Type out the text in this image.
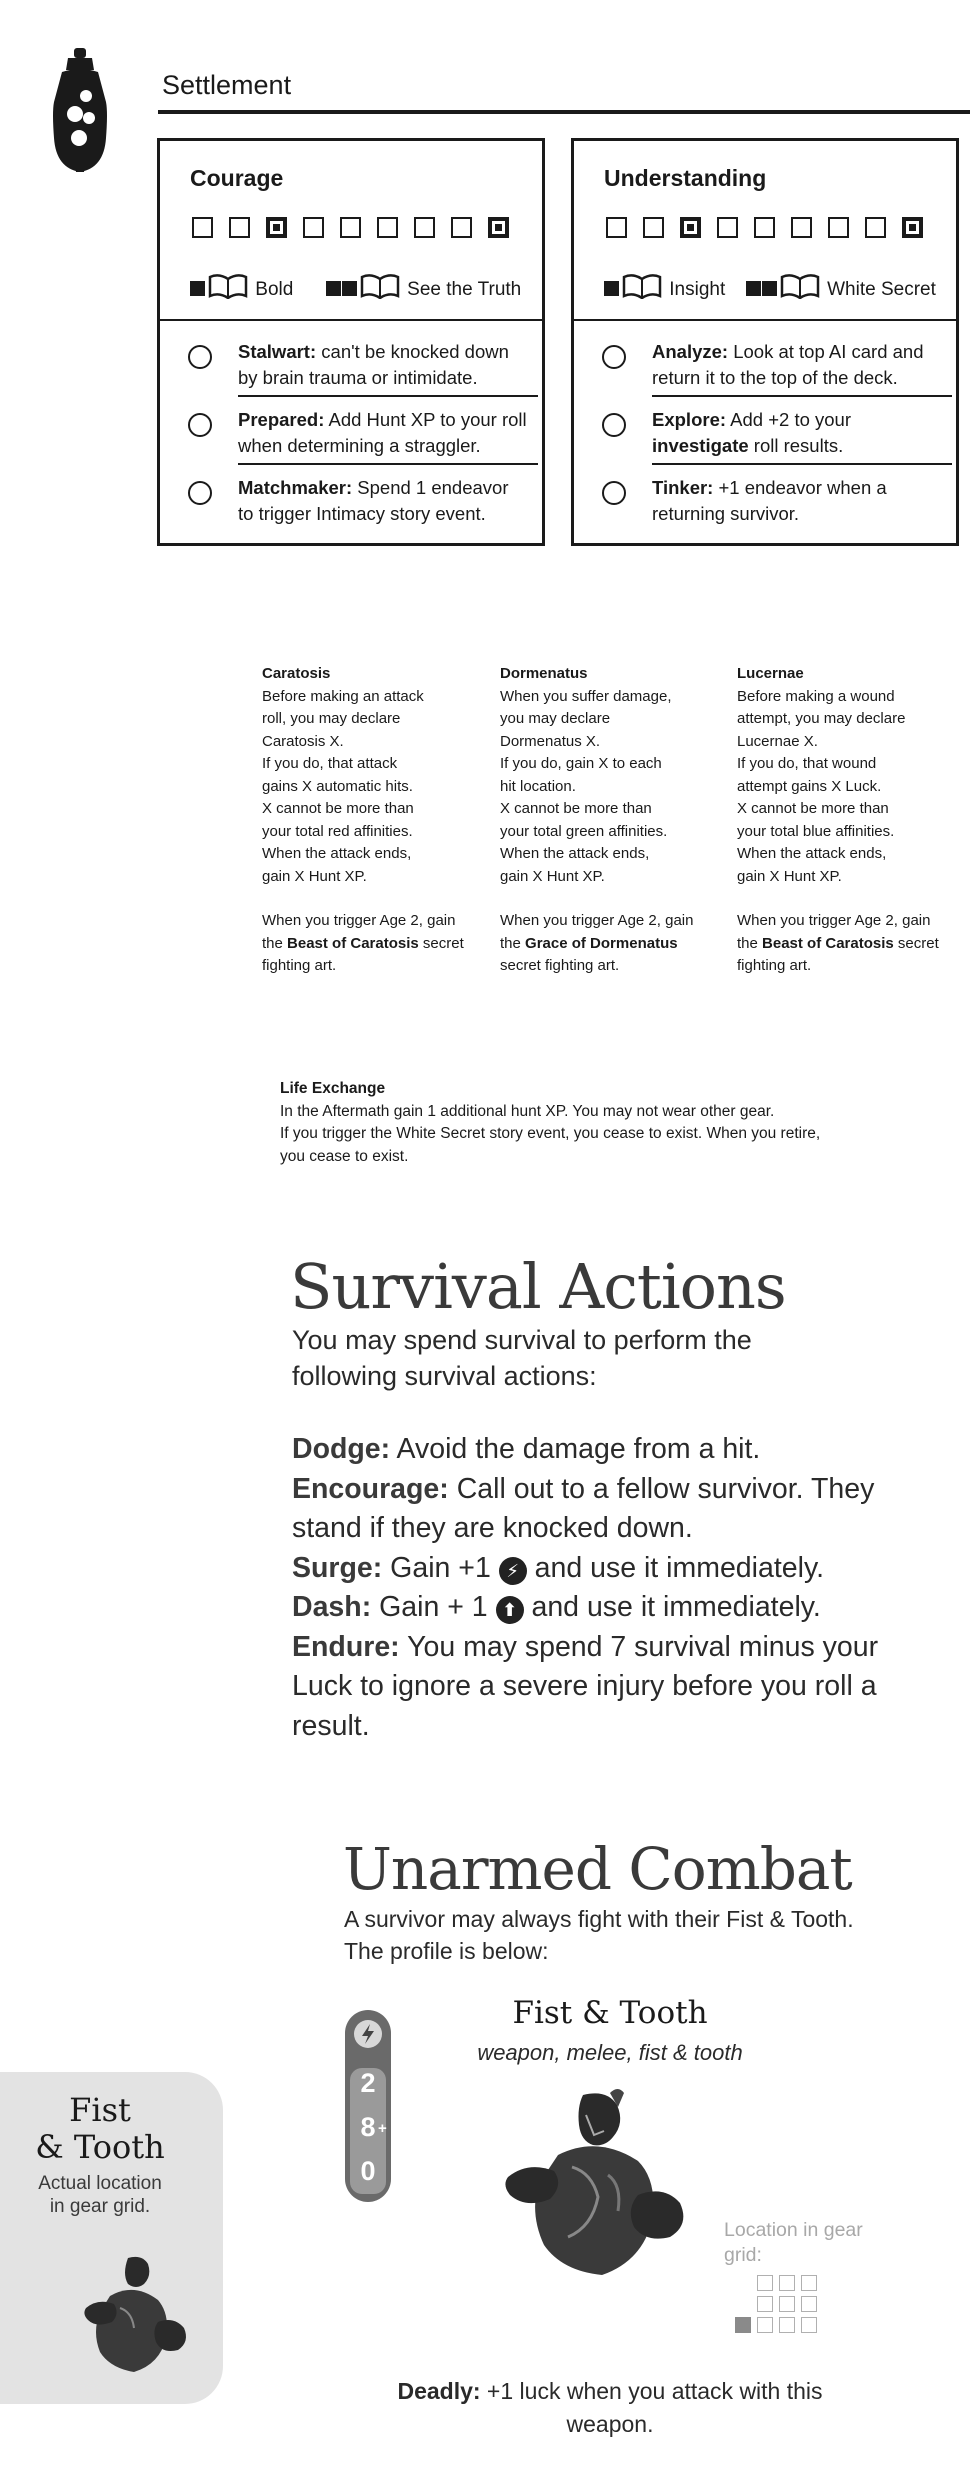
Settlement
Courage
Bold	See the Truth
Stalwart: can't be knocked down by brain trauma or intimidate.
Prepared: Add Hunt XP to your roll when determining a straggler.
Matchmaker: Spend 1 endeavor to trigger Intimacy story event.
Understanding
Insight	White Secret
Analyze: Look at top AI card and return it to the top of the deck.
Explore: Add +2 to your investigate roll results.
Tinker: +1 endeavor when a returning survivor.
Caratosis
Before making an attack
roll, you may declare
Caratosis X.
If you do, that attack
gains X automatic hits.
X cannot be more than
your total red affinities.
When the attack ends,
gain X Hunt XP.
When you trigger Age 2, gain the Beast of Caratosis secret fighting art.
Dormenatus
When you suffer damage,
you may declare
Dormenatus X.
If you do, gain X to each
hit location.
X cannot be more than
your total green affinities.
When the attack ends,
gain X Hunt XP.
When you trigger Age 2, gain the Grace of Dormenatus secret fighting art.
Lucernae
Before making a wound
attempt, you may declare
Lucernae X.
If you do, that wound
attempt gains X Luck.
X cannot be more than
your total blue affinities.
When the attack ends,
gain X Hunt XP.
When you trigger Age 2, gain the Beast of Caratosis secret fighting art.
Life Exchange
In the Aftermath gain 1 additional hunt XP. You may not wear other gear.
If you trigger the White Secret story event, you cease to exist. When you retire,
you cease to exist.
Survival Actions
You may spend survival to perform the following survival actions:
Dodge: Avoid the damage from a hit.
Encourage: Call out to a fellow survivor. They stand if they are knocked down.
Surge: Gain +1 ⚡ and use it immediately.
Dash: Gain + 1 ⬆ and use it immediately.
Endure: You may spend 7 survival minus your Luck to ignore a severe injury before you roll a result.
Unarmed Combat
A survivor may always fight with their Fist & Tooth. The profile is below:
2
8 +
0
Fist & Tooth
weapon, melee, fist & tooth
Location in gear grid:
Deadly: +1 luck when you attack with this weapon.
Fist
& Tooth
Actual location
in gear grid.
